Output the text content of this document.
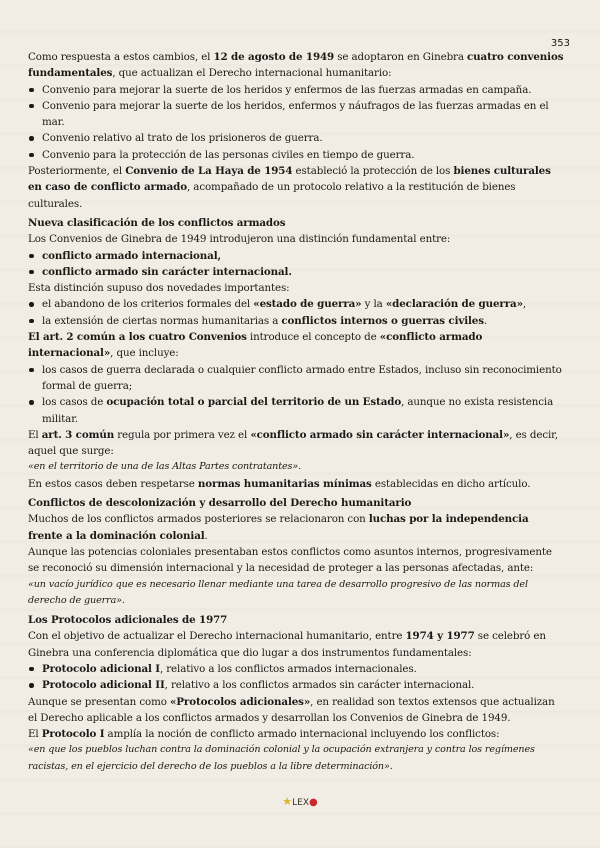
353

Como respuesta a estos cambios, el 12 de agosto de 1949 se adoptaron en Ginebra cuatro convenios fundamentales, que actualizan el Derecho internacional humanitario:

Convenio para mejorar la suerte de los heridos y enfermos de las fuerzas armadas en campaña.
Convenio para mejorar la suerte de los heridos, enfermos y náufragos de las fuerzas armadas en el mar.
Convenio relativo al trato de los prisioneros de guerra.
Convenio para la protección de las personas civiles en tiempo de guerra.

Posteriormente, el Convenio de La Haya de 1954 estableció la protección de los bienes culturales en caso de conflicto armado, acompañado de un protocolo relativo a la restitución de bienes culturales.

Nueva clasificación de los conflictos armados

Los Convenios de Ginebra de 1949 introdujeron una distinción fundamental entre:

conflicto armado internacional,
conflicto armado sin carácter internacional.

Esta distinción supuso dos novedades importantes:

el abandono de los criterios formales del «estado de guerra» y la «declaración de guerra»,
la extensión de ciertas normas humanitarias a conflictos internos o guerras civiles.

El art. 2 común a los cuatro Convenios introduce el concepto de «conflicto armado internacional», que incluye:

los casos de guerra declarada o cualquier conflicto armado entre Estados, incluso sin reconocimiento formal de guerra;
los casos de ocupación total o parcial del territorio de un Estado, aunque no exista resistencia militar.

El art. 3 común regula por primera vez el «conflicto armado sin carácter internacional», es decir, aquel que surge:

«en el territorio de una de las Altas Partes contratantes».

En estos casos deben respetarse normas humanitarias mínimas establecidas en dicho artículo.

Conflictos de descolonización y desarrollo del Derecho humanitario

Muchos de los conflictos armados posteriores se relacionaron con luchas por la independencia frente a la dominación colonial.

Aunque las potencias coloniales presentaban estos conflictos como asuntos internos, progresivamente se reconoció su dimensión internacional y la necesidad de proteger a las personas afectadas, ante:

«un vacío jurídico que es necesario llenar mediante una tarea de desarrollo progresivo de las normas del derecho de guerra».
Los Protocolos adicionales de 1977

Con el objetivo de actualizar el Derecho internacional humanitario, entre 1974 y 1977 se celebró en Ginebra una conferencia diplomática que dio lugar a dos instrumentos fundamentales:

Protocolo adicional I, relativo a los conflictos armados internacionales.
Protocolo adicional II, relativo a los conflictos armados sin carácter internacional.

Aunque se presentan como «Protocolos adicionales», en realidad son textos extensos que actualizan el Derecho aplicable a los conflictos armados y desarrollan los Convenios de Ginebra de 1949.

El Protocolo I amplía la noción de conflicto armado internacional incluyendo los conflictos:

«en que los pueblos luchan contra la dominación colonial y la ocupación extranjera y contra los regímenes racistas, en el ejercicio del derecho de los pueblos a la libre determinación».
★LEX●
